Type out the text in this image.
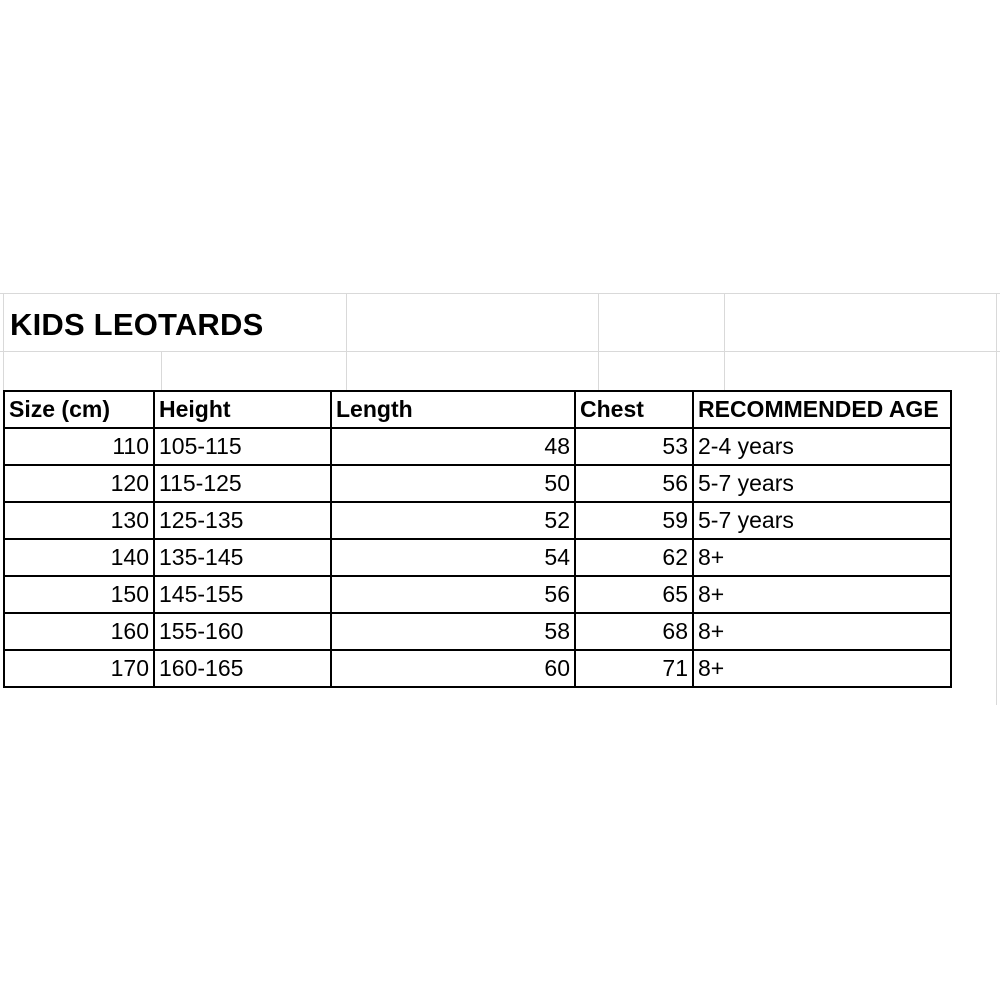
KIDS LEOTARDS
Size (cm)	Height	Length	Chest	RECOMMENDED AGE
110	105-115	48	53	2-4 years
120	115-125	50	56	5-7 years
130	125-135	52	59	5-7 years
140	135-145	54	62	8+
150	145-155	56	65	8+
160	155-160	58	68	8+
170	160-165	60	71	8+
